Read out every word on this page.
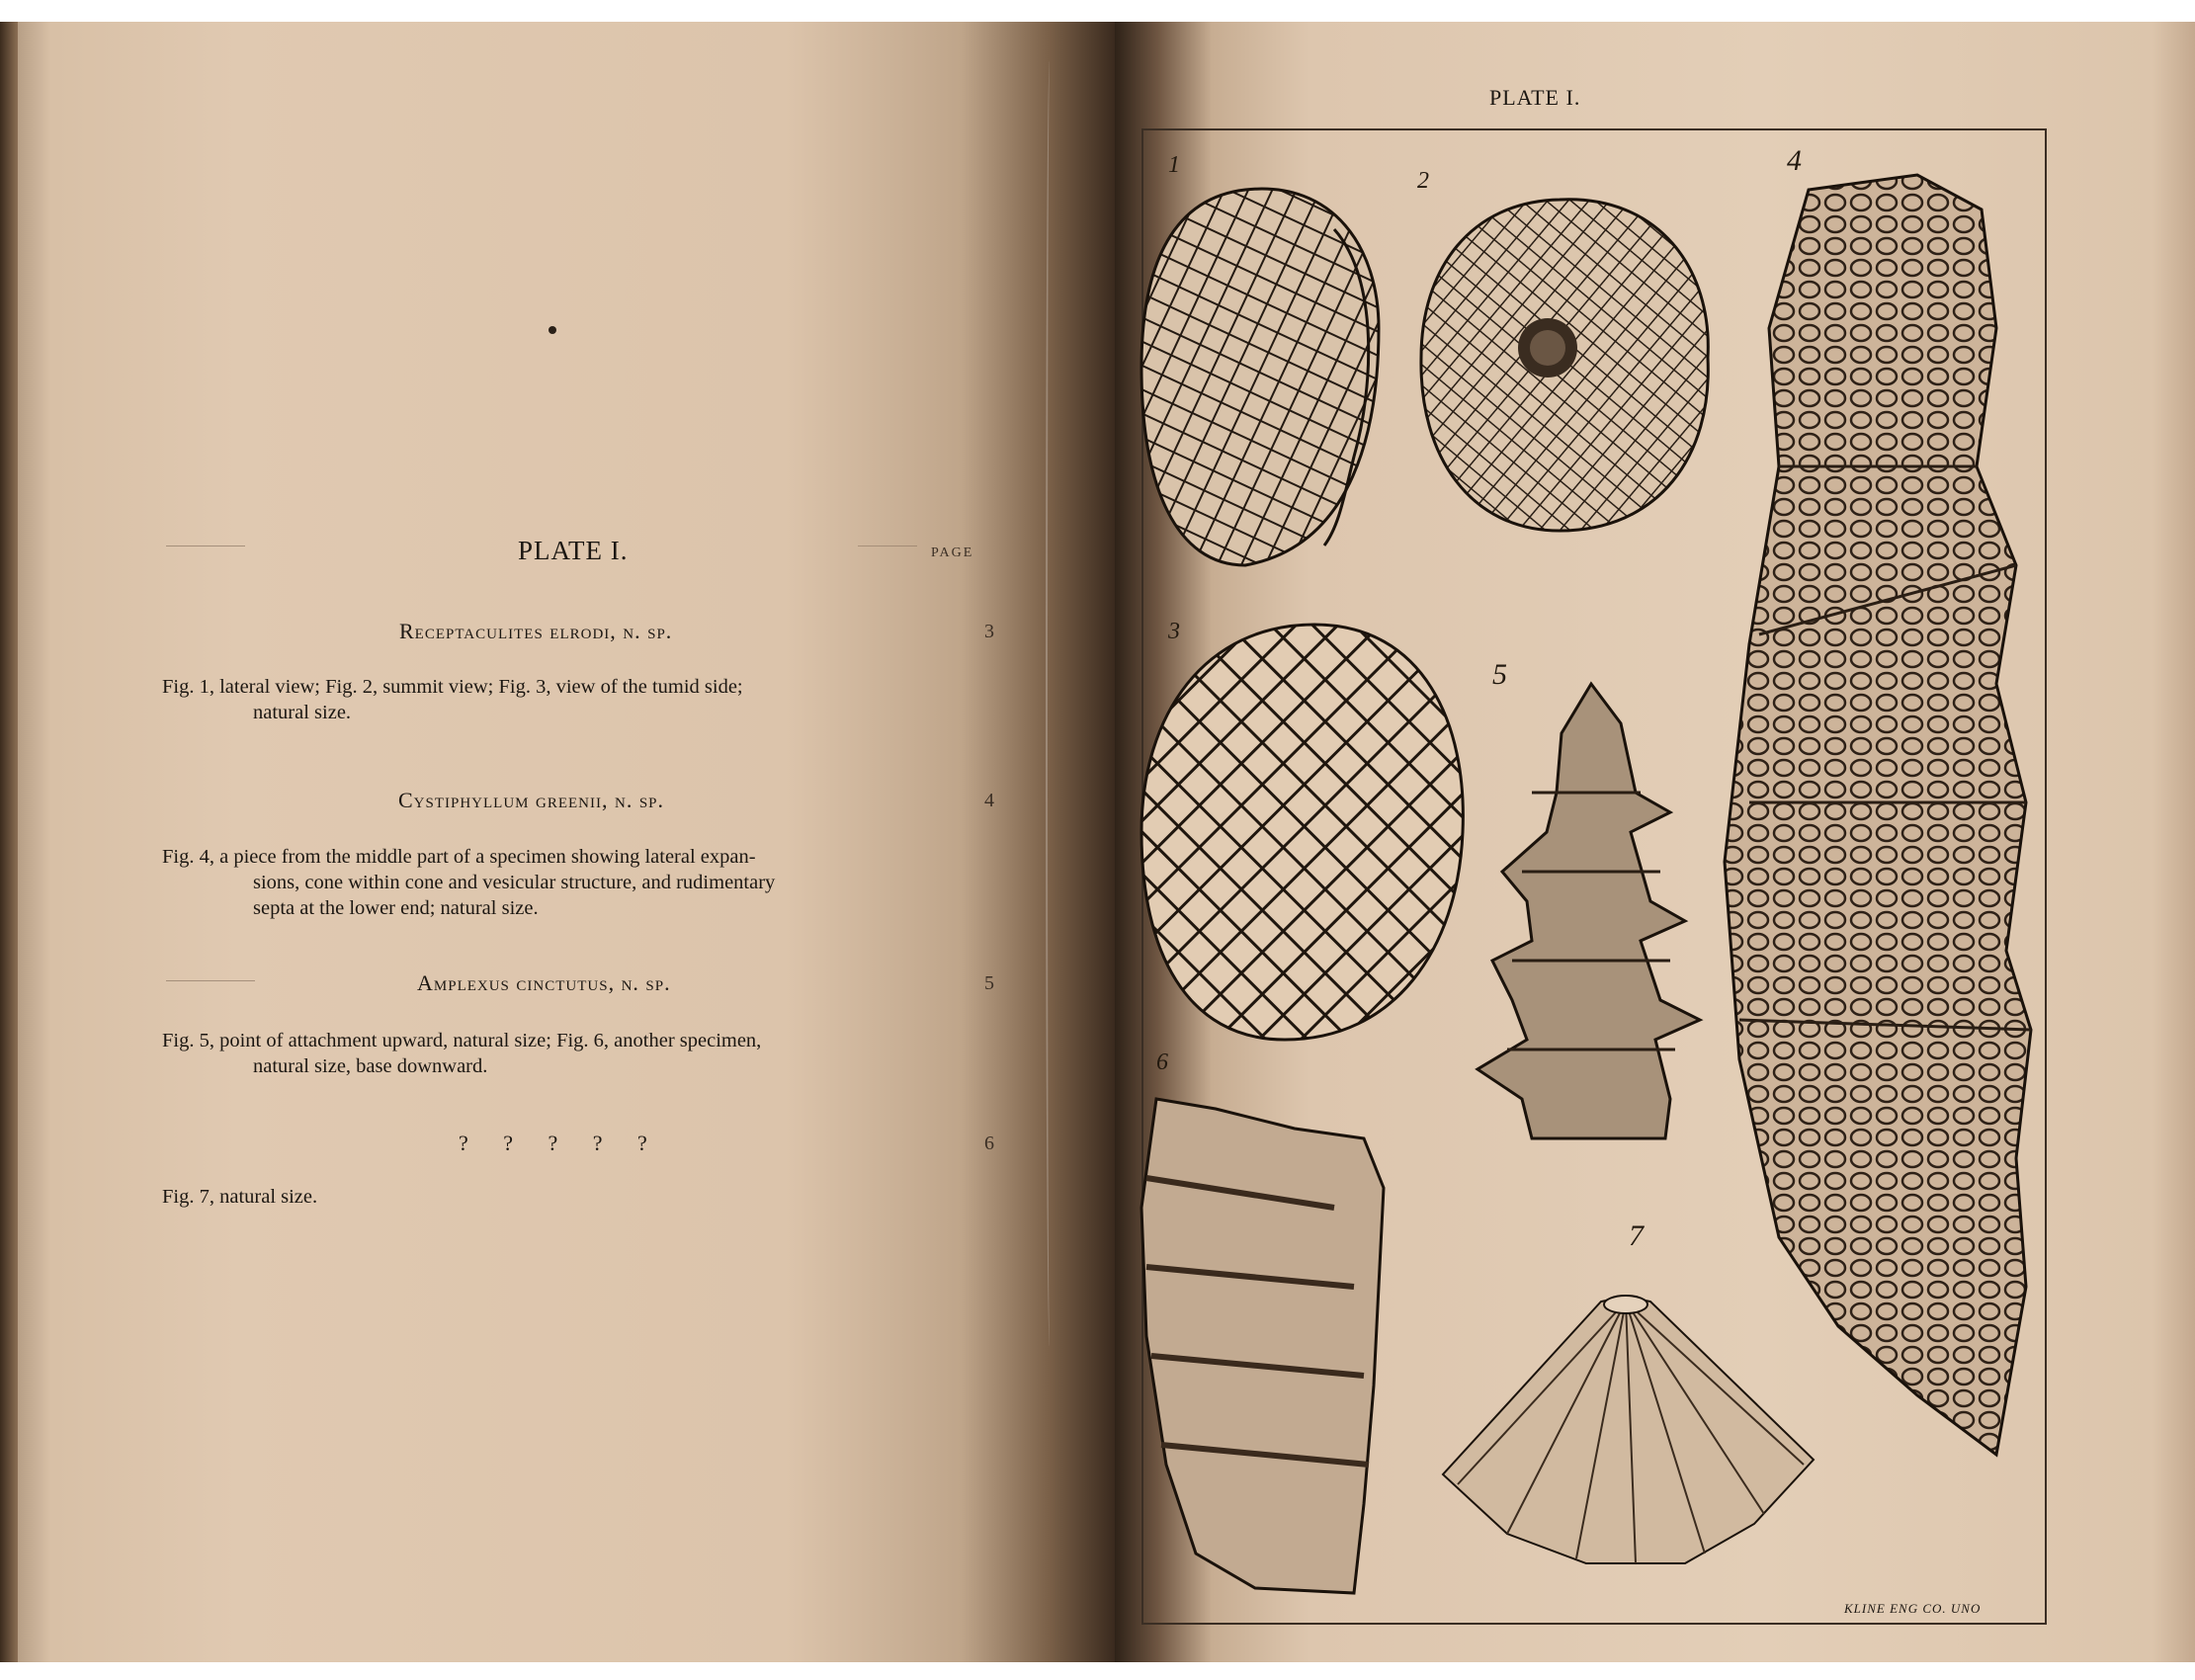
PLATE I.	PAGE
Receptaculites elrodi, n. sp.	3
Fig. 1, lateral view; Fig. 2, summit view; Fig. 3, view of the tumid side;
natural size.
Cystiphyllum greenii, n. sp.	4
Fig. 4, a piece from the middle part of a specimen showing lateral expan-
sions, cone within cone and vesicular structure, and rudimentary
septa at the lower end; natural size.
Amplexus cinctutus, n. sp.	5
Fig. 5, point of attachment upward, natural size; Fig. 6, another specimen,
natural size, base downward.
? ? ? ? ?	6
Fig. 7, natural size.
PLATE I.
1
2
3
4
5
6
7
KLINE ENG CO. UNO
